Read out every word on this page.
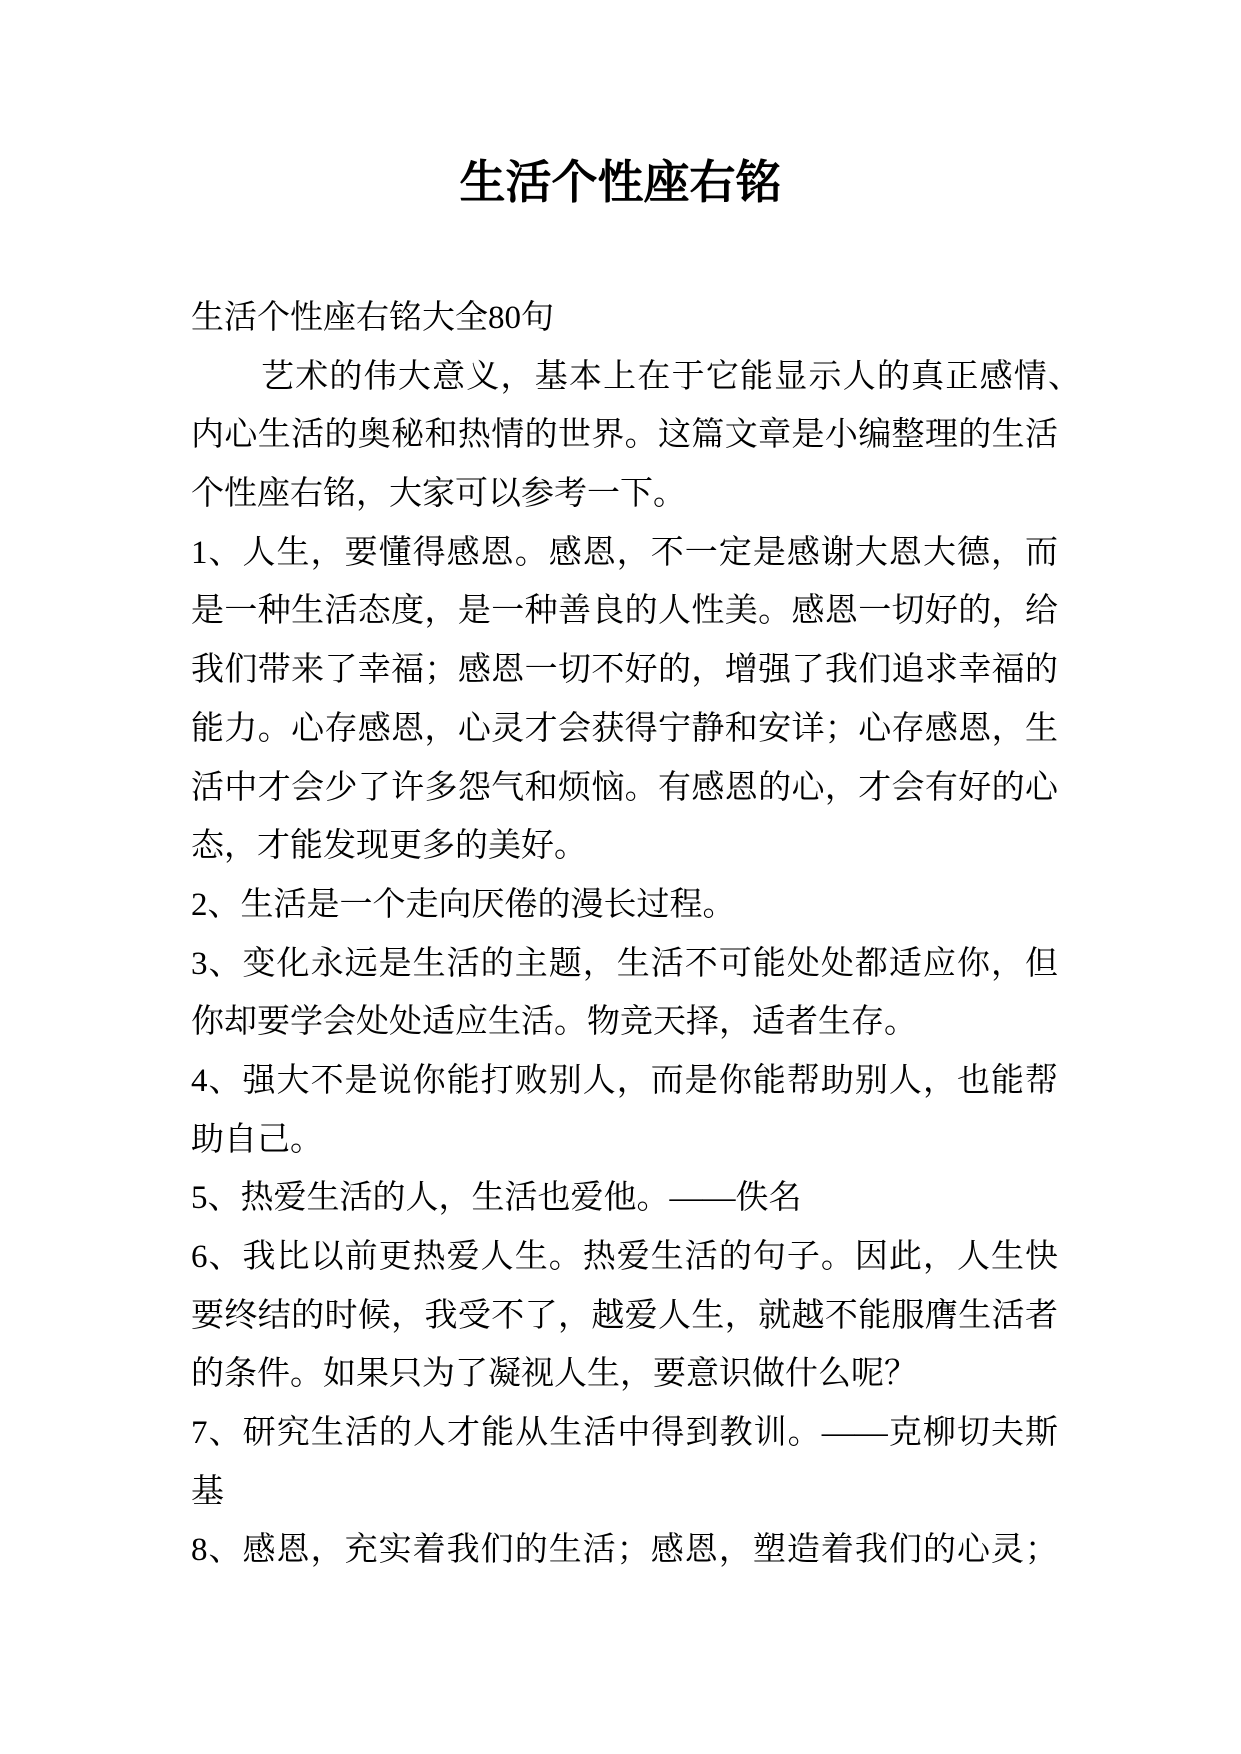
生活个性座右铭
生活个性座右铭大全80句
艺术的伟大意义，基本上在于它能显示人的真正感情、
内心生活的奥秘和热情的世界。这篇文章是小编整理的生活
个性座右铭，大家可以参考一下。
1、人生，要懂得感恩。感恩，不一定是感谢大恩大德，而
是一种生活态度，是一种善良的人性美。感恩一切好的，给
我们带来了幸福；感恩一切不好的，增强了我们追求幸福的
能力。心存感恩，心灵才会获得宁静和安详；心存感恩，生
活中才会少了许多怨气和烦恼。有感恩的心，才会有好的心
态，才能发现更多的美好。
2、生活是一个走向厌倦的漫长过程。
3、变化永远是生活的主题，生活不可能处处都适应你，但
你却要学会处处适应生活。物竞天择，适者生存。
4、强大不是说你能打败别人，而是你能帮助别人，也能帮
助自己。
5、热爱生活的人，生活也爱他。——佚名
6、我比以前更热爱人生。热爱生活的句子。因此，人生快
要终结的时候，我受不了，越爱人生，就越不能服膺生活者
的条件。如果只为了凝视人生，要意识做什么呢？
7、研究生活的人才能从生活中得到教训。——克柳切夫斯
基
8、感恩，充实着我们的生活；感恩，塑造着我们的心灵；
